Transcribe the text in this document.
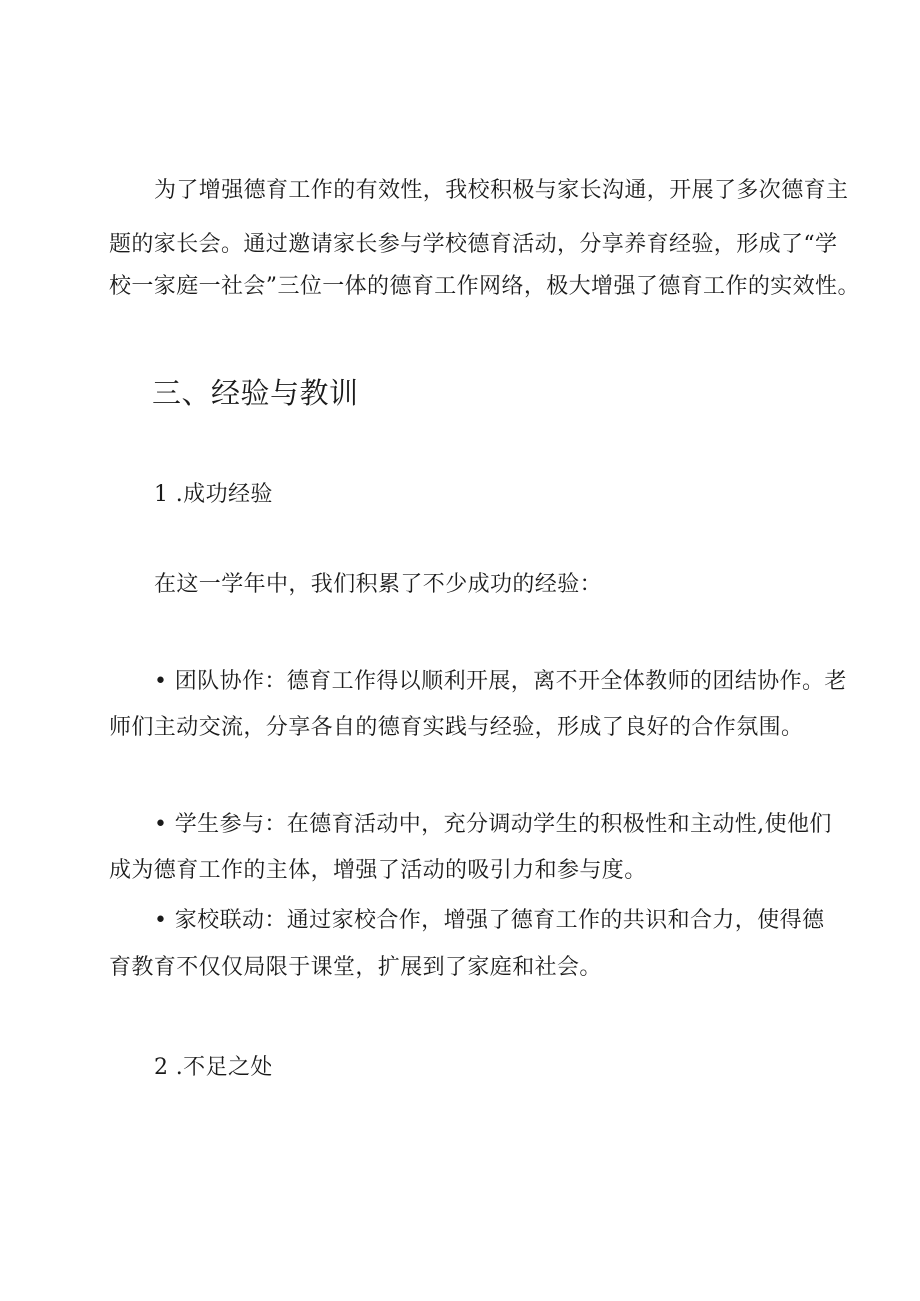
为了增强德育工作的有效性，我校积极与家长沟通，开展了多次德育主
题的家长会。通过邀请家长参与学校德育活动，分享养育经验，形成了“学
校一家庭一社会”三位一体的德育工作网络，极大增强了德育工作的实效性。
三、经验与教训
1 .成功经验
在这一学年中，我们积累了不少成功的经验：
• 团队协作：德育工作得以顺利开展，离不开全体教师的团结协作。老
师们主动交流，分享各自的德育实践与经验，形成了良好的合作氛围。
• 学生参与：在德育活动中，充分调动学生的积极性和主动性,使他们
成为德育工作的主体，增强了活动的吸引力和参与度。
• 家校联动：通过家校合作，增强了德育工作的共识和合力，使得德
育教育不仅仅局限于课堂，扩展到了家庭和社会。
2 .不足之处
